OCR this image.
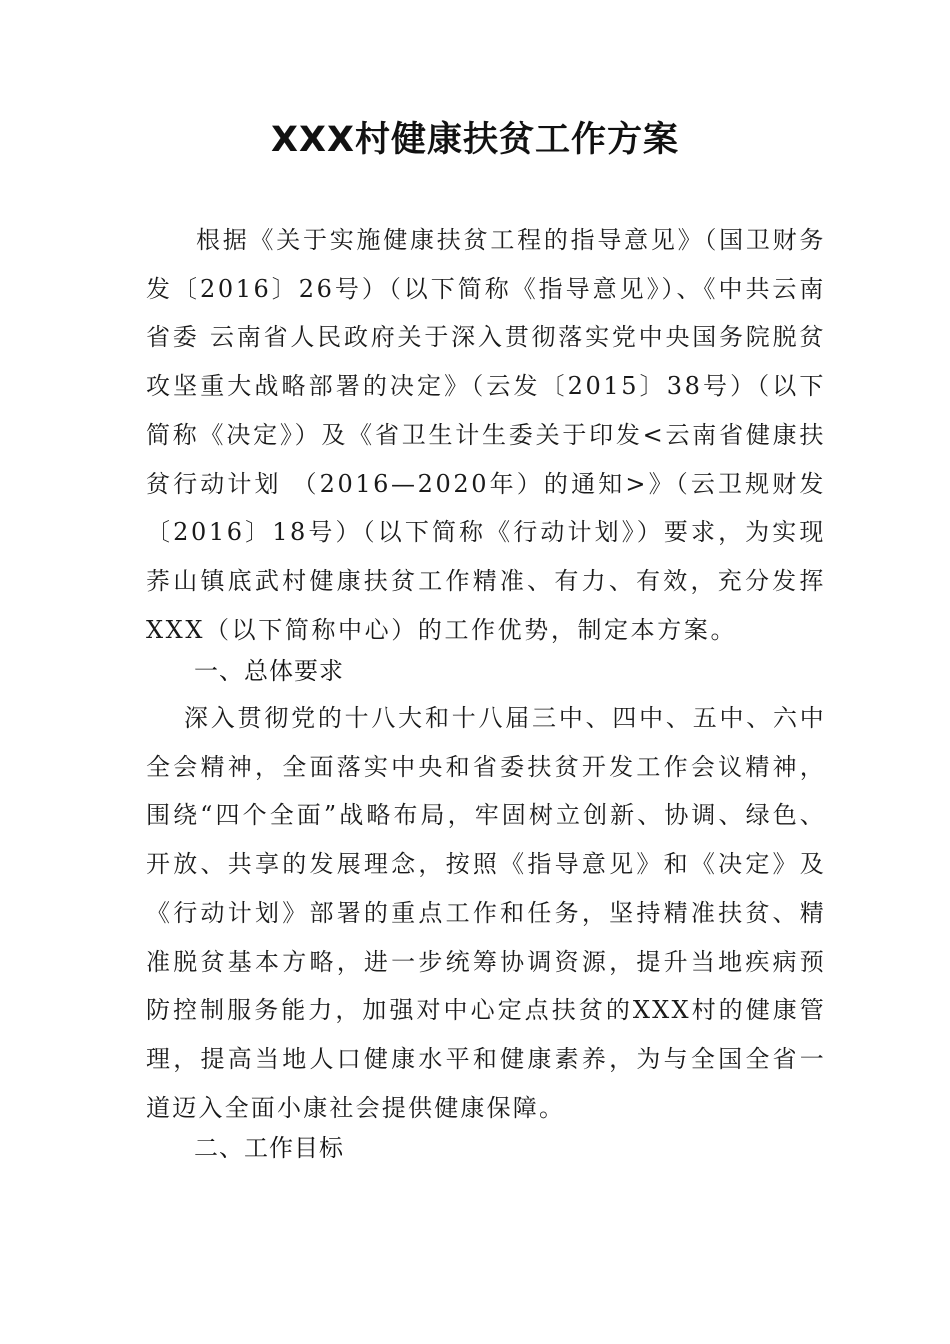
XXX村健康扶贫工作方案

根据《关于实施健康扶贫工程的指导意见》（国卫财务发〔2016〕26号）（以下简称《指导意见》）、《中共云南省委 云南省人民政府关于深入贯彻落实党中央国务院脱贫攻坚重大战略部署的决定》（云发〔2015〕38号）（以下简称《决定》）及《省卫生计生委关于印发<云南省健康扶贫行动计划 （2016—2020年）的通知>》（云卫规财发〔2016〕18号）（以下简称《行动计划》）要求，为实现荞山镇底武村健康扶贫工作精准、有力、有效，充分发挥XXX（以下简称中心）的工作优势，制定本方案。

一、总体要求

深入贯彻党的十八大和十八届三中、四中、五中、六中全会精神，全面落实中央和省委扶贫开发工作会议精神，围绕“四个全面”战略布局，牢固树立创新、协调、绿色、开放、共享的发展理念，按照《指导意见》和《决定》及《行动计划》部署的重点工作和任务，坚持精准扶贫、精准脱贫基本方略，进一步统筹协调资源，提升当地疾病预防控制服务能力，加强对中心定点扶贫的XXX村的健康管理，提高当地人口健康水平和健康素养，为与全国全省一道迈入全面小康社会提供健康保障。

二、工作目标
